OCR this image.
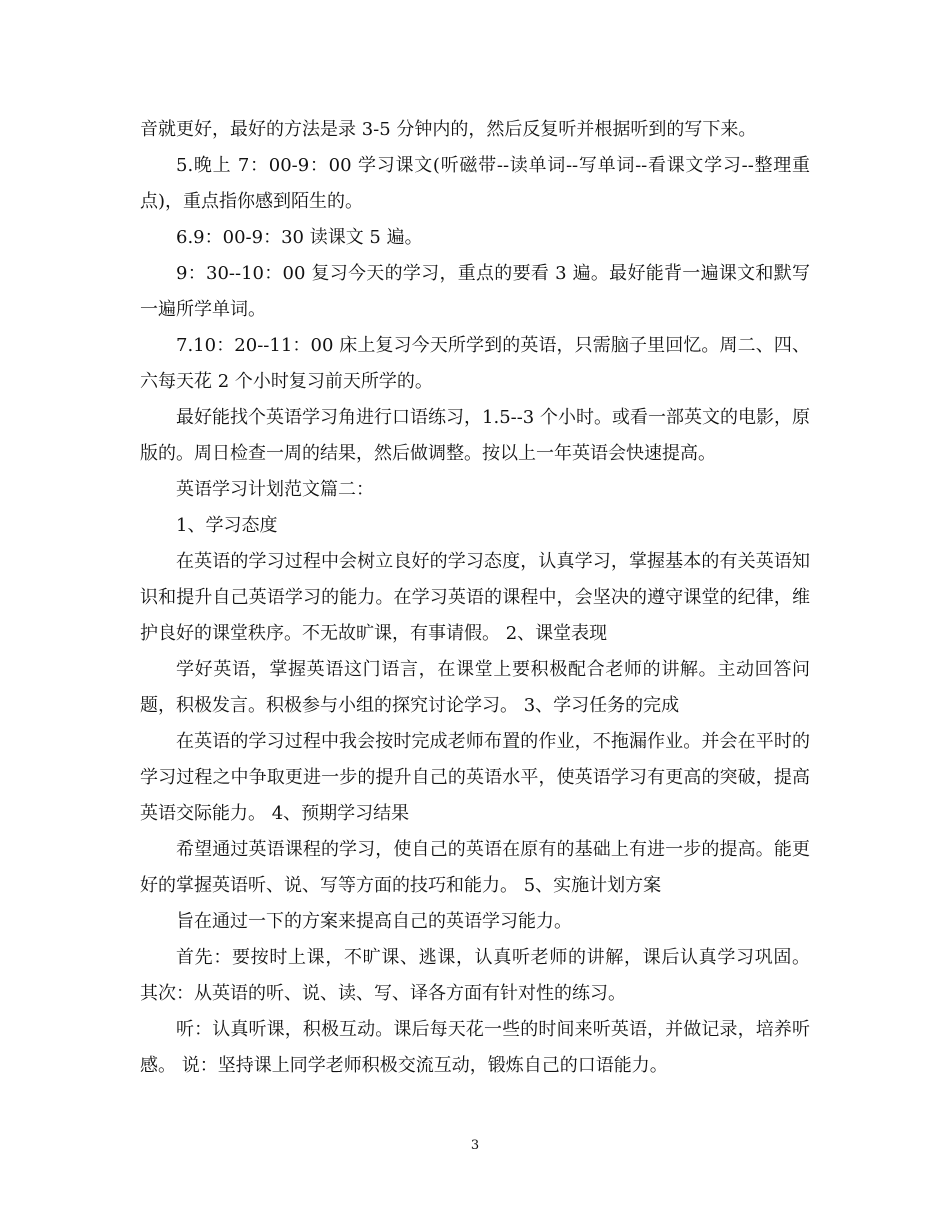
音就更好，最好的方法是录 3-5 分钟内的，然后反复听并根据听到的写下来。

5.晚上 7：00-9：00 学习课文(听磁带--读单词--写单词--看课文学习--整理重点)，重点指你感到陌生的。

6.9：00-9：30 读课文 5 遍。

9：30--10：00 复习今天的学习，重点的要看 3 遍。最好能背一遍课文和默写一遍所学单词。

7.10：20--11：00 床上复习今天所学到的英语，只需脑子里回忆。周二、四、六每天花 2 个小时复习前天所学的。

最好能找个英语学习角进行口语练习，1.5--3 个小时。或看一部英文的电影，原版的。周日检查一周的结果，然后做调整。按以上一年英语会快速提高。

英语学习计划范文篇二：

1、学习态度

在英语的学习过程中会树立良好的学习态度，认真学习，掌握基本的有关英语知识和提升自己英语学习的能力。在学习英语的课程中，会坚决的遵守课堂的纪律，维护良好的课堂秩序。不无故旷课，有事请假。 2、课堂表现

学好英语，掌握英语这门语言，在课堂上要积极配合老师的讲解。主动回答问题，积极发言。积极参与小组的探究讨论学习。 3、学习任务的完成

在英语的学习过程中我会按时完成老师布置的作业，不拖漏作业。并会在平时的学习过程之中争取更进一步的提升自己的英语水平，使英语学习有更高的突破，提高英语交际能力。 4、预期学习结果

希望通过英语课程的学习，使自己的英语在原有的基础上有进一步的提高。能更好的掌握英语听、说、写等方面的技巧和能力。 5、实施计划方案

旨在通过一下的方案来提高自己的英语学习能力。

首先：要按时上课，不旷课、逃课，认真听老师的讲解，课后认真学习巩固。 其次：从英语的听、说、读、写、译各方面有针对性的练习。

听：认真听课，积极互动。课后每天花一些的时间来听英语，并做记录，培养听感。 说：坚持课上同学老师积极交流互动，锻炼自己的口语能力。

3
